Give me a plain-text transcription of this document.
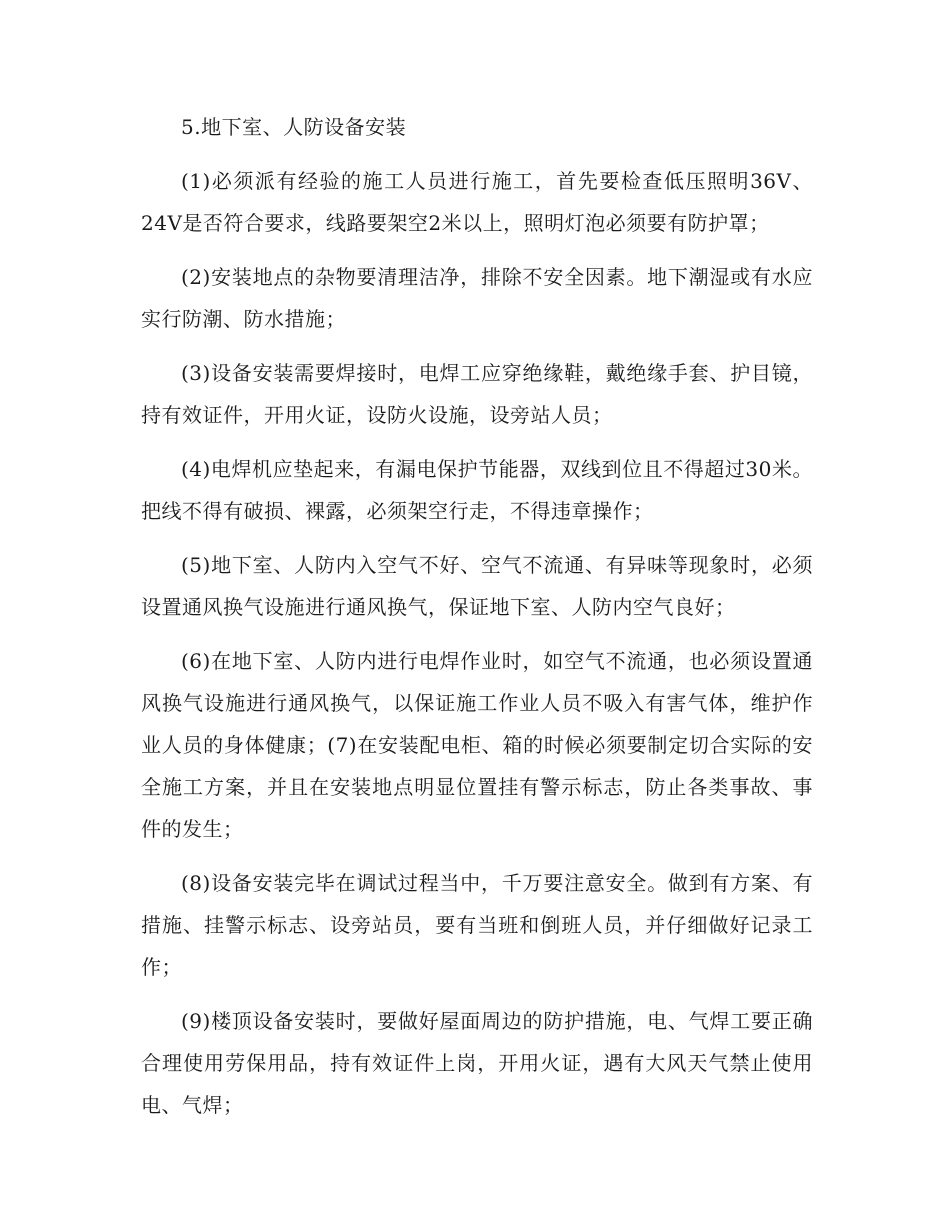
5.地下室、人防设备安装

(1)必须派有经验的施工人员进行施工，首先要检查低压照明36V、24V是否符合要求，线路要架空2米以上，照明灯泡必须要有防护罩；

(2)安装地点的杂物要清理洁净，排除不安全因素。地下潮湿或有水应实行防潮、防水措施；

(3)设备安装需要焊接时，电焊工应穿绝缘鞋，戴绝缘手套、护目镜，持有效证件，开用火证，设防火设施，设旁站人员；

(4)电焊机应垫起来，有漏电保护节能器，双线到位且不得超过30米。把线不得有破损、裸露，必须架空行走，不得违章操作；

(5)地下室、人防内入空气不好、空气不流通、有异味等现象时，必须设置通风换气设施进行通风换气，保证地下室、人防内空气良好；

(6)在地下室、人防内进行电焊作业时，如空气不流通，也必须设置通风换气设施进行通风换气，以保证施工作业人员不吸入有害气体，维护作业人员的身体健康；(7)在安装配电柜、箱的时候必须要制定切合实际的安全施工方案，并且在安装地点明显位置挂有警示标志，防止各类事故、事件的发生；

(8)设备安装完毕在调试过程当中，千万要注意安全。做到有方案、有措施、挂警示标志、设旁站员，要有当班和倒班人员，并仔细做好记录工作；

(9)楼顶设备安装时，要做好屋面周边的防护措施，电、气焊工要正确合理使用劳保用品，持有效证件上岗，开用火证，遇有大风天气禁止使用电、气焊；
